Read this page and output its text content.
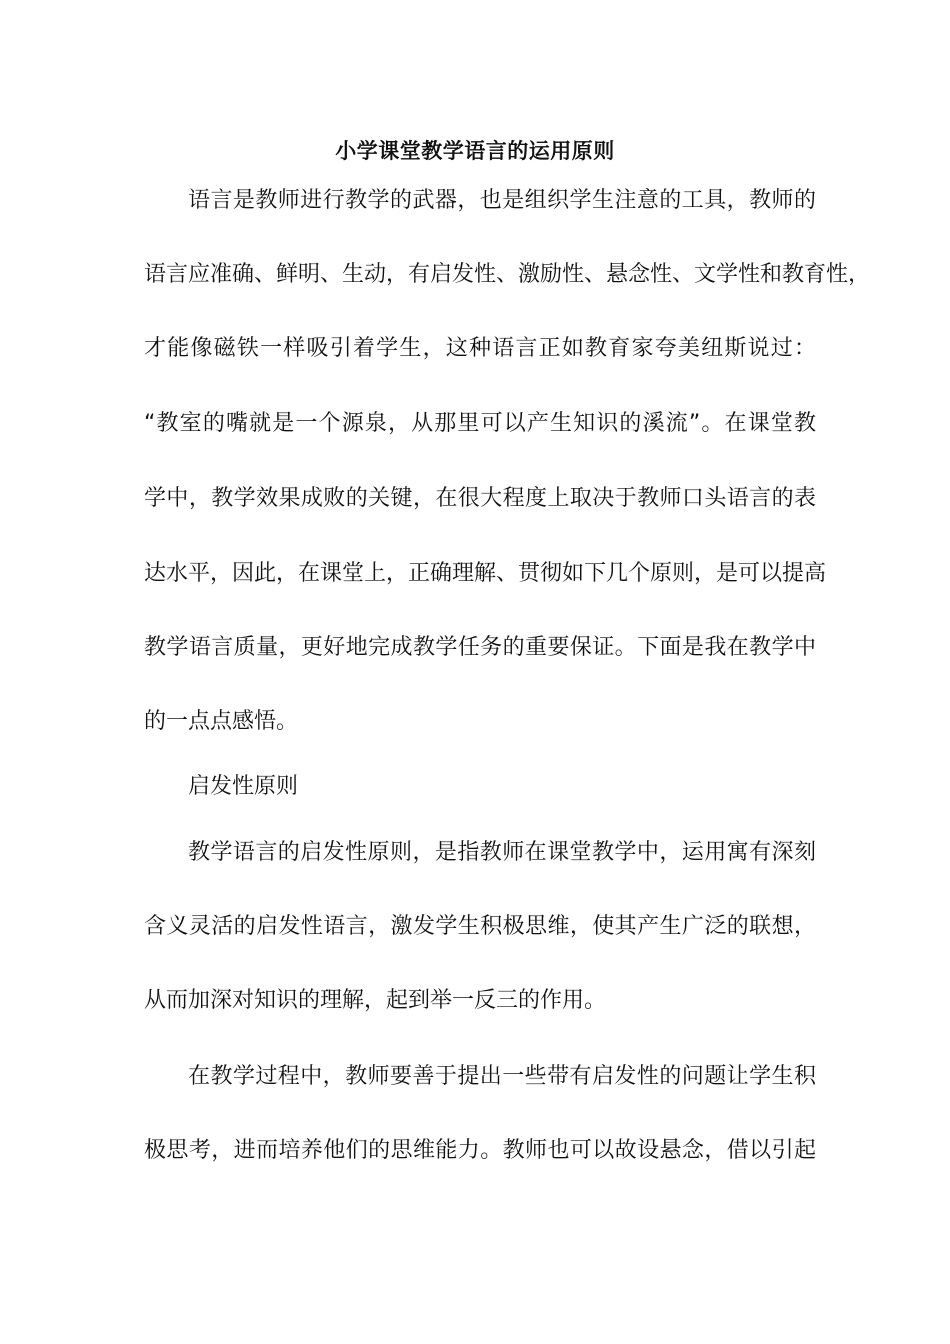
小学课堂教学语言的运用原则
语言是教师进行教学的武器，也是组织学生注意的工具，教师的
语言应准确、鲜明、生动，有启发性、激励性、悬念性、文学性和教育性，
才能像磁铁一样吸引着学生，这种语言正如教育家夸美纽斯说过：
“教室的嘴就是一个源泉，从那里可以产生知识的溪流”。在课堂教
学中，教学效果成败的关键，在很大程度上取决于教师口头语言的表
达水平，因此，在课堂上，正确理解、贯彻如下几个原则，是可以提高
教学语言质量，更好地完成教学任务的重要保证。下面是我在教学中
的一点点感悟。
启发性原则
教学语言的启发性原则，是指教师在课堂教学中，运用寓有深刻
含义灵活的启发性语言，激发学生积极思维，使其产生广泛的联想，
从而加深对知识的理解，起到举一反三的作用。
在教学过程中，教师要善于提出一些带有启发性的问题让学生积
极思考，进而培养他们的思维能力。教师也可以故设悬念，借以引起
